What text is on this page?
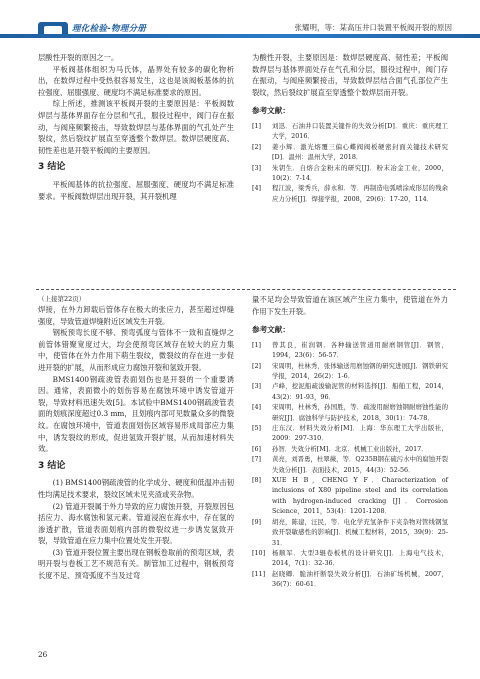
理化检验-物理分册	张耀明，等：某高压井口装置平板阀开裂的原因

层酸性开裂的原因之一。

平板阀基体组织为马氏体，晶界处有较多的碳化物析出，在数焊过程中受热很容易发生，这也是该阀板基体的抗拉强度、屈服强度、硬度均不满足标准要求的原因。

综上所述，推测该平板阀开裂的主要原因是：平板阀数焊层与基体界面存在分层和气孔，服役过程中，阀门存在振动，与阀座频繁接击，导致数焊层与基体界面的气孔处产生裂纹，然后裂纹扩展直至穿透整个数焊层。数焊层硬度高、韧性差也是开裂平板阀的主要原因。

3 结论

平板阀基体的抗拉强度、屈服强度、硬度均不满足标准要求。平板阀数焊层出现开裂，其开裂机理

为酸性开裂，主要原因是：数焊层硬度高、韧性差；平板阀数焊层与基体界面处存在气孔和分层，服役过程中，阀门存在振动，与阀座频繁接击，导致数焊层结合面气孔部位产生裂纹，然后裂纹扩展直至穿透整个数焊层而开裂。

参考文献：
[1]	刘迅．石油井口装置关键件的失效分析[D]．重庆：重庆理工大学，2016．
[2]	姜小辉．激光熔覆三偏心蝶阀阀板硬密封面关键技术研究[D]．温州：温州大学，2018．
[3]	朱钥生．自熔合金粉末的研究[J]．粉末冶金工业，2000，10(2)：7-14．
[4]	程江波，梁秀兵，薛永和．等．再制造电弧喷涂成形层的残余应力分析[J]．焊接学报，2008，29(6)：17-20，114．
（上接第22页）

焊接，在外力卸载后管体存在极大的张应力，甚至超过焊缝强度，导致管道焊缝附近区域发生开裂。

钢板预弯长度不够、预弯弧度与管体不一致和直缝焊之前管体错聚宽度过大，均会使预弯区域存在较大的应力集中，使管体在外力作用下萌生裂纹，微裂纹的存在进一步促进开裂的扩展，从而形成应力腐蚀开裂和氢致开裂。

BMS1400钢疏浚管表面划伤也是开裂的一个重要诱因。通常，表面微小的划伤容易在腐蚀环境中诱发管道开裂，导致材料迅速失效[5]。本试验中BMS1400钢疏浚管表面的划痕深度超过0.3 mm，且划痕内部可见数量众多的微裂纹。在腐蚀环境中，管道表面划伤区域容易形成局部应力集中，诱发裂纹的形成，促进氢致开裂扩展，从而加速材料失效。

3 结论

(1) BMS1400钢疏浚管的化学成分、硬度和低温冲击韧性均满足技术要求，裂纹区域未见夹渣或夹杂物。

(2) 管道开裂属于外力导致的应力腐蚀开裂，开裂原因包括应力、海水腐蚀和氢元素。管道浸泡在海水中，存在氢的渗透扩散，管道表面划痕内部的微裂纹进一步诱发氢致开裂，导致管道在应力集中位置处发生开裂。

(3) 管道开裂位置主要出现在钢板卷取前的预弯区域，表明开裂与卷板工艺不规范有关。制管加工过程中，钢板预弯长度不足、预弯弧度不当及过弯

量不足均会导致管道在该区域产生应力集中，使管道在外力作用下发生开裂。

参考文献：
[1]	曾其良，崔润钢．各种输送管道用耐磨钢管[J]．钢管，1994，23(6)：56-57．
[2]	宋周明，杜林秀，张体输送用磨蚀钢的研究进展[J]．钢铁研究学报，2014，26(2)：1-6．
[3]	卢峰，挖泥船疏浚输泥管的材料选择[J]．船舶工程，2014，43(2)：91-93，96．
[4]	宋周明，杜林秀，孙国胜，等．疏浚用耐磨蚀钢耐磨蚀性能的研究[J]．腐蚀科学与防护技术，2018，30(1)：74-78．
[5]	庄东汉．材料失效分析[M]．上海：华东理工大学出版社，2009：297-310．
[6]	孙智．失效分析[M]．北京．机械工业出版社，2017．
[7]	黄亮，刘晋勇，杜翠薇，等．Q235B钢在硫污水中的腐蚀开裂失效分析[J]．表面技术，2015，44(3)：52-56．
[8]	XUE H B，CHENG Y F．Characterization of inclusions of X80 pipeline steel and its correlation with hydrogen-induced cracking [J]．Corrosion Science，2011，53(4)：1201-1208．
[9]	胡亮，陈建，汪民，等．电化学充氢条件下夹杂物对管线钢氢致开裂敏感性的影响[J]．机械工程材料，2015，39(9)：25-31．
[10]	杨顺军．大型3辊卷板机的设计研究[J]．上海电气技术，2014，7(1)：32-36．
[11]	赵晓卿．脆油杆断裂失效分析[J]．石油矿场机械，2007，36(7)：60-61．
26
